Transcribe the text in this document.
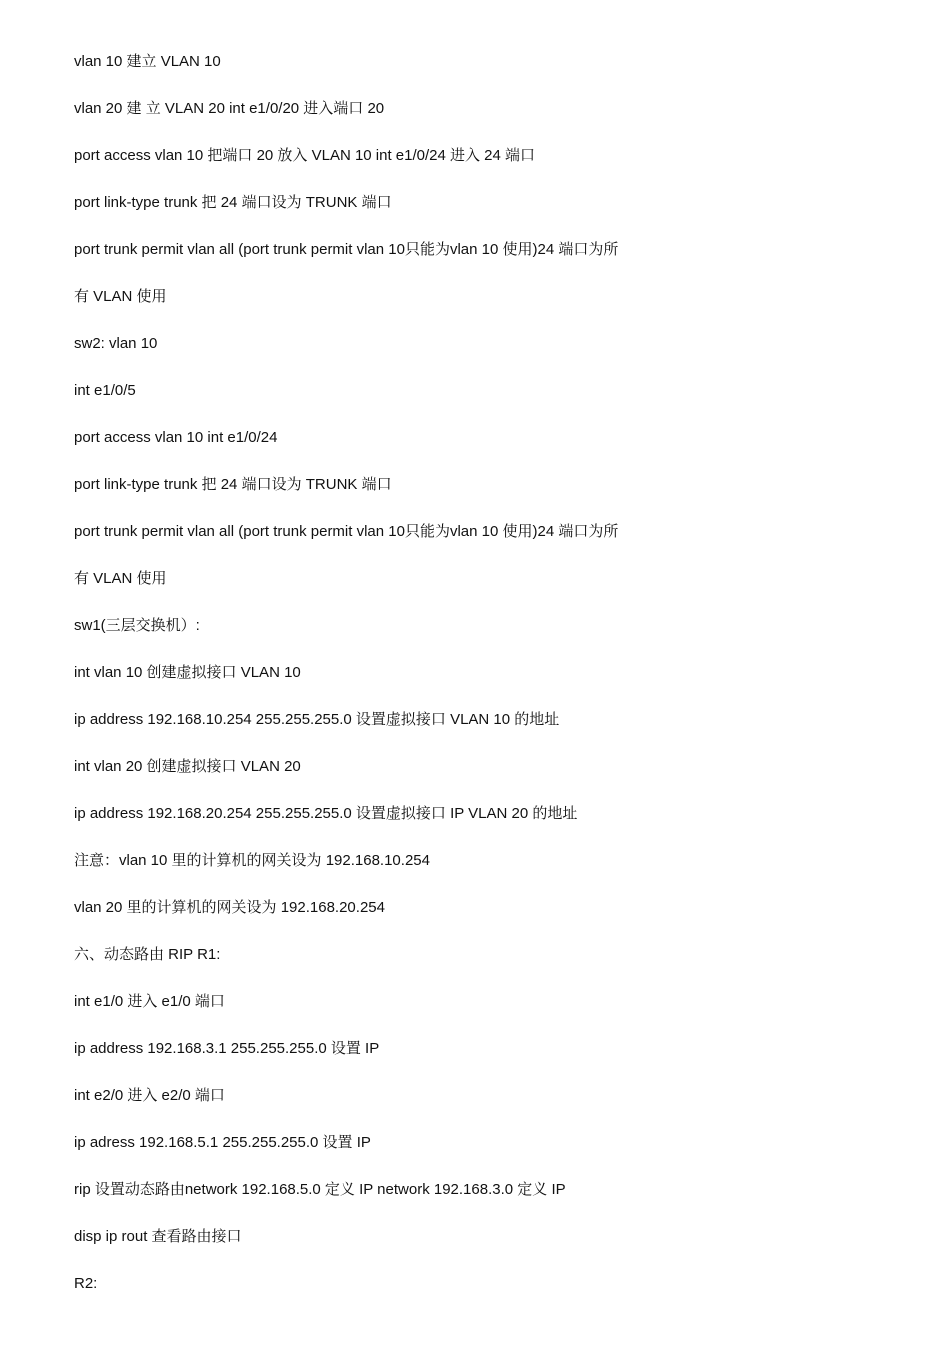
vlan 10 建立 VLAN 10
vlan 20 建 立 VLAN 20 int e1/0/20 进入端口 20
port access vlan 10 把端口 20 放入 VLAN 10 int e1/0/24 进入 24 端口
port link-type trunk 把 24 端口设为 TRUNK 端口
port trunk permit vlan all (port trunk permit vlan 10只能为vlan 10 使用)24 端口为所
有 VLAN 使用
sw2: vlan 10
int e1/0/5
port access vlan 10 int e1/0/24
port link-type trunk 把 24 端口设为 TRUNK 端口
port trunk permit vlan all (port trunk permit vlan 10只能为vlan 10 使用)24 端口为所
有 VLAN 使用
sw1(三层交换机）:
int vlan 10 创建虚拟接口 VLAN 10
ip address 192.168.10.254 255.255.255.0 设置虚拟接口 VLAN 10 的地址
int vlan 20 创建虚拟接口 VLAN 20
ip address 192.168.20.254 255.255.255.0 设置虚拟接口 IP VLAN 20 的地址
注意：vlan 10 里的计算机的网关设为 192.168.10.254
vlan 20 里的计算机的网关设为 192.168.20.254
六、动态路由 RIP R1:
int e1/0 进入 e1/0 端口
ip address 192.168.3.1 255.255.255.0 设置 IP
int e2/0 进入 e2/0 端口
ip adress 192.168.5.1 255.255.255.0 设置 IP
rip 设置动态路由network 192.168.5.0 定义 IP network 192.168.3.0 定义 IP
disp ip rout 查看路由接口
R2:
